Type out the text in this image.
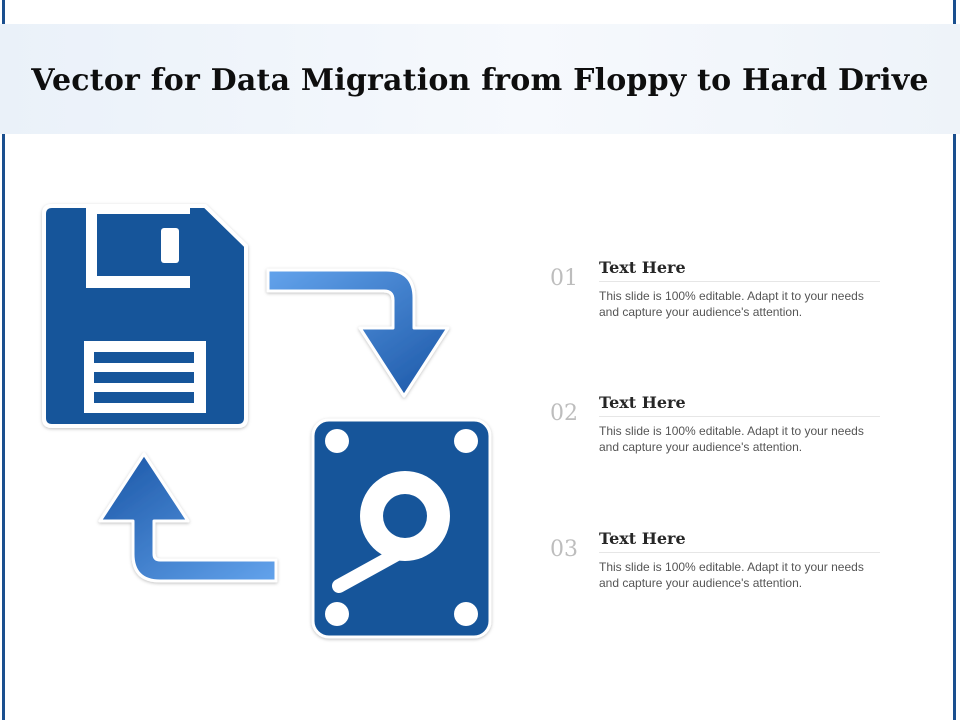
Vector for Data Migration from Floppy to Hard Drive
01 Text Here
This slide is 100% editable. Adapt it to your needs and capture your audience's attention.
02 Text Here
This slide is 100% editable. Adapt it to your needs and capture your audience's attention.
03 Text Here
This slide is 100% editable. Adapt it to your needs and capture your audience's attention.
